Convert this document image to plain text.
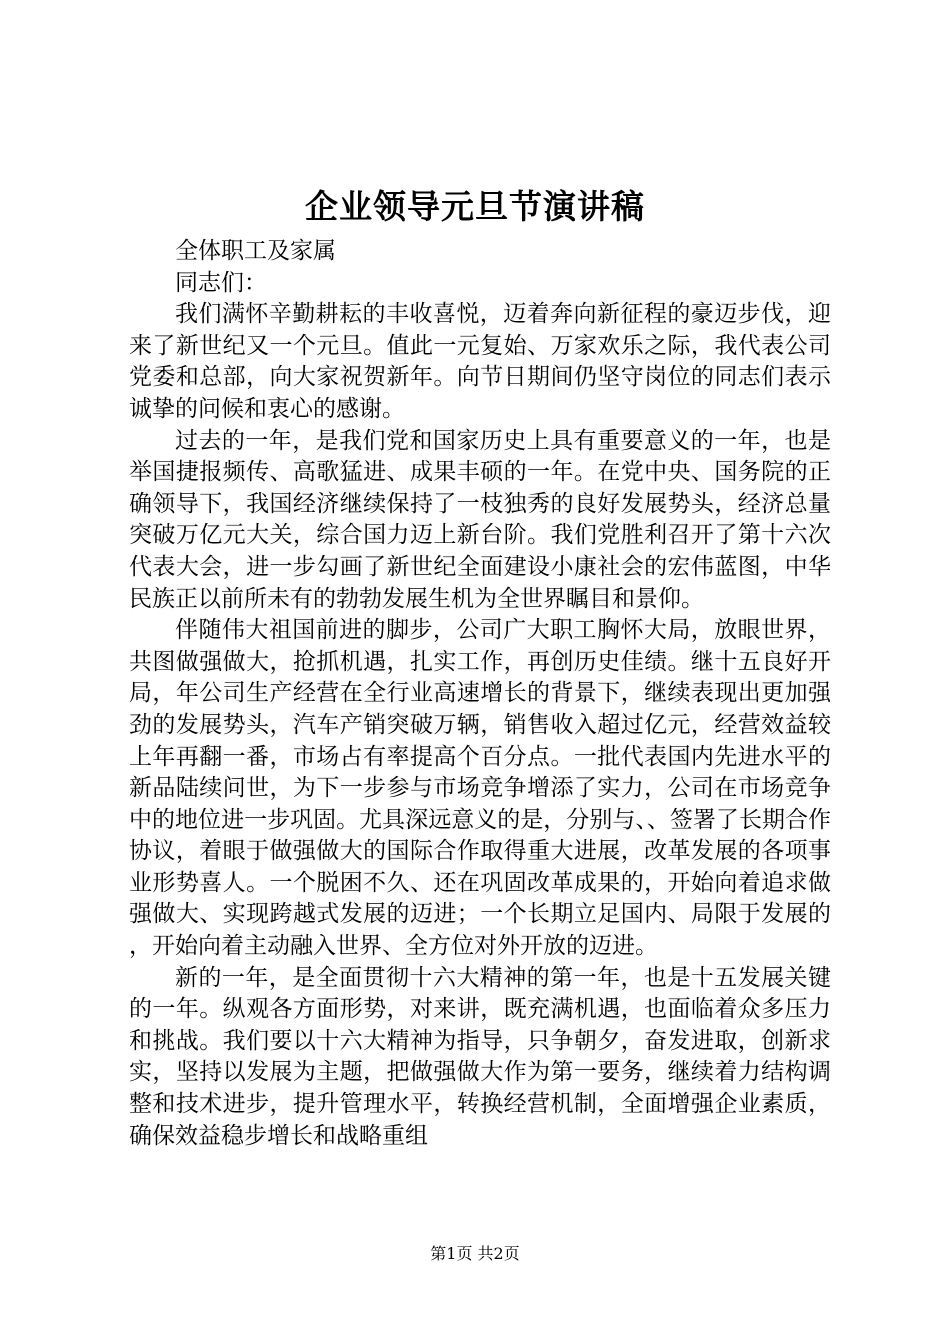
企业领导元旦节演讲稿

全体职工及家属

同志们：

我们满怀辛勤耕耘的丰收喜悦，迈着奔向新征程的豪迈步伐，迎来了新世纪又一个元旦。值此一元复始、万家欢乐之际，我代表公司党委和总部，向大家祝贺新年。向节日期间仍坚守岗位的同志们表示诚挚的问候和衷心的感谢。

过去的一年，是我们党和国家历史上具有重要意义的一年，也是举国捷报频传、高歌猛进、成果丰硕的一年。在党中央、国务院的正确领导下，我国经济继续保持了一枝独秀的良好发展势头，经济总量突破万亿元大关，综合国力迈上新台阶。我们党胜利召开了第十六次代表大会，进一步勾画了新世纪全面建设小康社会的宏伟蓝图，中华民族正以前所未有的勃勃发展生机为全世界瞩目和景仰。

伴随伟大祖国前进的脚步，公司广大职工胸怀大局，放眼世界，共图做强做大，抢抓机遇，扎实工作，再创历史佳绩。继十五良好开局，年公司生产经营在全行业高速增长的背景下，继续表现出更加强劲的发展势头，汽车产销突破万辆，销售收入超过亿元，经营效益较上年再翻一番，市场占有率提高个百分点。一批代表国内先进水平的新品陆续问世，为下一步参与市场竞争增添了实力，公司在市场竞争中的地位进一步巩固。尤具深远意义的是，分别与、、签署了长期合作协议，着眼于做强做大的国际合作取得重大进展，改革发展的各项事业形势喜人。一个脱困不久、还在巩固改革成果的，开始向着追求做强做大、实现跨越式发展的迈进；一个长期立足国内、局限于发展的，开始向着主动融入世界、全方位对外开放的迈进。

新的一年，是全面贯彻十六大精神的第一年，也是十五发展关键的一年。纵观各方面形势，对来讲，既充满机遇，也面临着众多压力和挑战。我们要以十六大精神为指导，只争朝夕，奋发进取，创新求实，坚持以发展为主题，把做强做大作为第一要务，继续着力结构调整和技术进步，提升管理水平，转换经营机制，全面增强企业素质，确保效益稳步增长和战略重组

第1页 共2页
